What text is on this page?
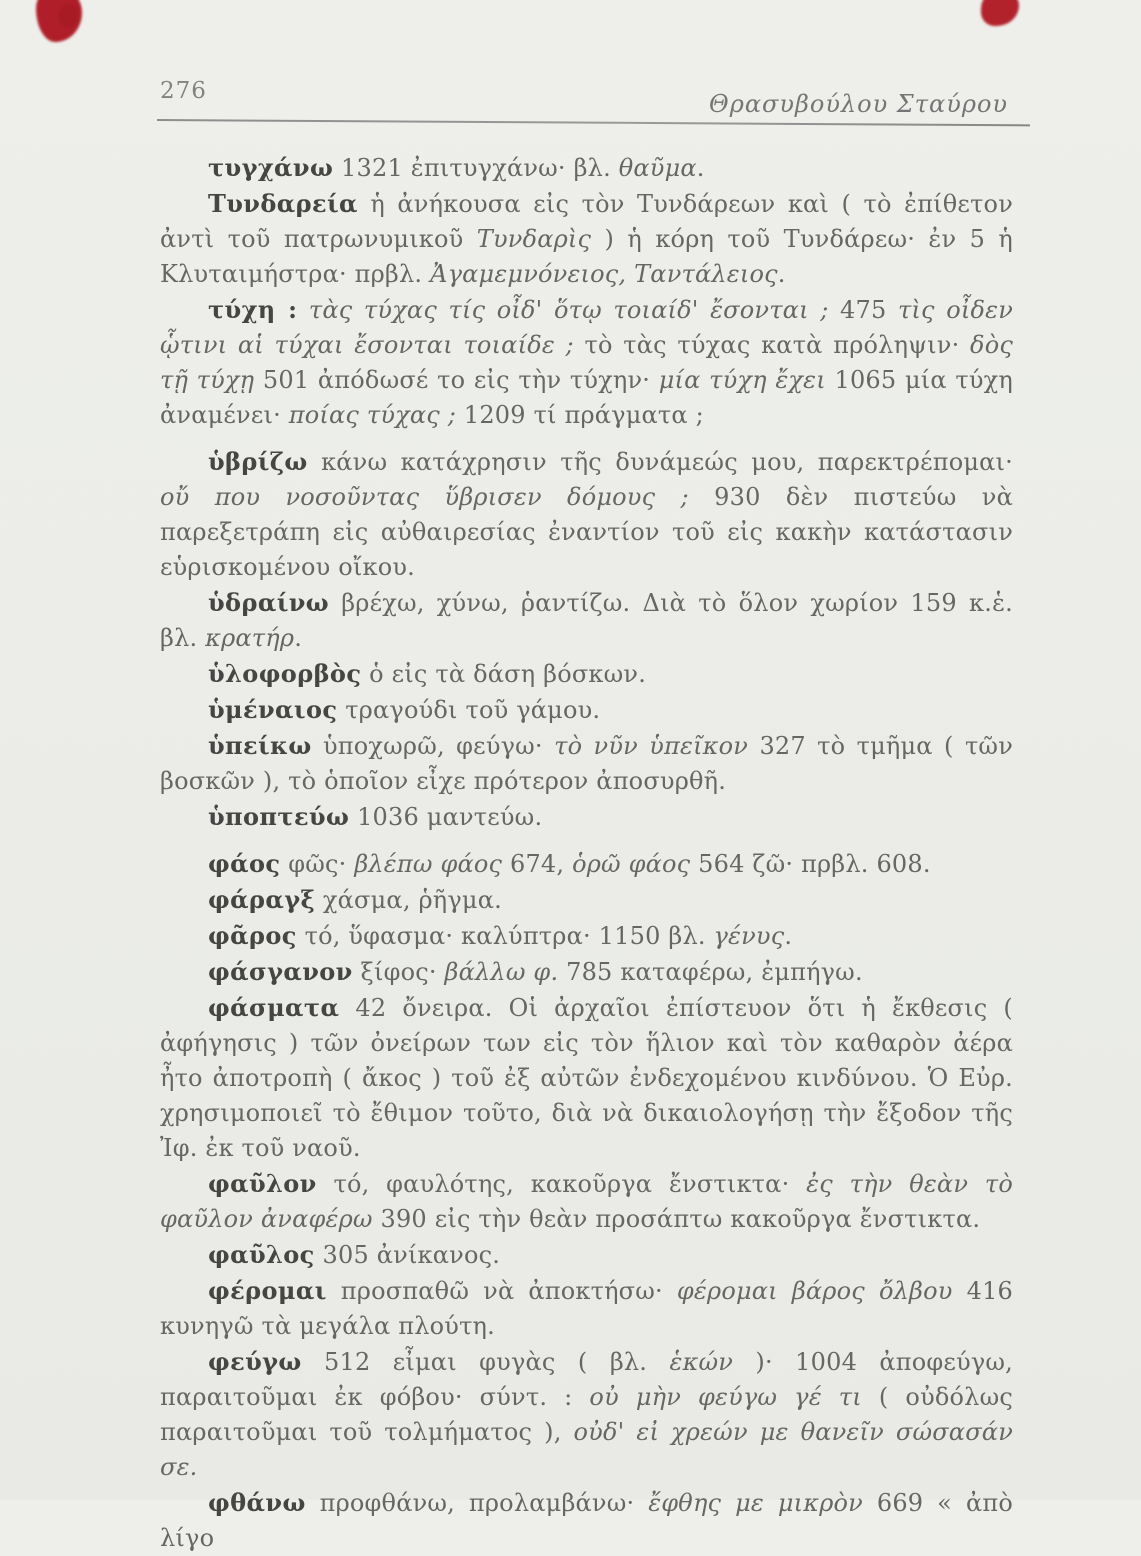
276	Θρασυβούλου Σταύρου

τυγχάνω 1321 ἐπιτυγχάνω· βλ. θαῦμα.

Τυνδαρεία ἡ ἀνήκουσα εἰς τὸν Τυνδάρεων καὶ ( τὸ ἐπίθετον ἀντὶ τοῦ πατρωνυμικοῦ Τυνδαρὶς ) ἡ κόρη τοῦ Τυνδάρεω· ἐν 5 ἡ Κλυταιμήστρα· πρβλ. Ἀγαμεμνόνειος, Ταντάλειος.

τύχη : τὰς τύχας τίς οἶδ' ὅτῳ τοιαίδ' ἔσονται ; 475 τὶς οἶδεν ᾧτινι αἱ τύχαι ἔσονται τοιαίδε ; τὸ τὰς τύχας κατὰ πρόληψιν· δὸς τῇ τύχῃ 501 ἀπόδωσέ το εἰς τὴν τύχην· μία τύχη ἔχει 1065 μία τύχη ἀναμένει· ποίας τύχας ; 1209 τί πράγματα ;

ὑβρίζω κάνω κατάχρησιν τῆς δυνάμεώς μου, παρεκτρέπομαι· οὔ που νοσοῦντας ὕβρισεν δόμους ; 930 δὲν πιστεύω νὰ παρεξετράπη εἰς αὐθαιρεσίας ἐναντίον τοῦ εἰς κακὴν κατάστασιν εὑρισκομένου οἴκου.

ὑδραίνω βρέχω, χύνω, ῥαντίζω. Διὰ τὸ ὅλον χωρίον 159 κ.ἑ. βλ. κρατήρ.

ὑλοφορβὸς ὁ εἰς τὰ δάση βόσκων.

ὑμέναιος τραγούδι τοῦ γάμου.

ὑπείκω ὑποχωρῶ, φεύγω· τὸ νῦν ὑπεῖκον 327 τὸ τμῆμα ( τῶν βοσκῶν ), τὸ ὁποῖον εἶχε πρότερον ἀποσυρθῆ.

ὑποπτεύω 1036 μαντεύω.

φάος φῶς· βλέπω φάος 674, ὁρῶ φάος 564 ζῶ· πρβλ. 608.

φάραγξ χάσμα, ῥῆγμα.

φᾶρος τό, ὕφασμα· καλύπτρα· 1150 βλ. γένυς.

φάσγανον ξίφος· βάλλω φ. 785 καταφέρω, ἐμπήγω.

φάσματα 42 ὄνειρα. Οἱ ἀρχαῖοι ἐπίστευον ὅτι ἡ ἔκθεσις ( ἀφήγησις ) τῶν ὀνείρων των εἰς τὸν ἥλιον καὶ τὸν καθαρὸν ἀέρα ἦτο ἀποτροπὴ ( ἄκος ) τοῦ ἐξ αὐτῶν ἐνδεχομένου κινδύνου. Ὁ Εὐρ. χρησιμοποιεῖ τὸ ἔθιμον τοῦτο, διὰ νὰ δικαιολογήσῃ τὴν ἔξοδον τῆς Ἰφ. ἐκ τοῦ ναοῦ.

φαῦλον τό, φαυλότης, κακοῦργα ἔνστικτα· ἐς τὴν θεὰν τὸ φαῦλον ἀναφέρω 390 εἰς τὴν θεὰν προσάπτω κακοῦργα ἔνστικτα.

φαῦλος 305 ἀνίκανος.

φέρομαι προσπαθῶ νὰ ἀποκτήσω· φέρομαι βάρος ὄλβου 416 κυνηγῶ τὰ μεγάλα πλούτη.

φεύγω 512 εἶμαι φυγὰς ( βλ. ἑκών )· 1004 ἀποφεύγω, παραιτοῦμαι ἐκ φόβου· σύντ. : οὐ μὴν φεύγω γέ τι ( οὐδόλως παραιτοῦμαι τοῦ τολμήματος ), οὐδ' εἰ χρεών με θανεῖν σώσασάν σε.

φθάνω προφθάνω, προλαμβάνω· ἔφθης με μικρὸν 669 « ἀπὸ λίγο
